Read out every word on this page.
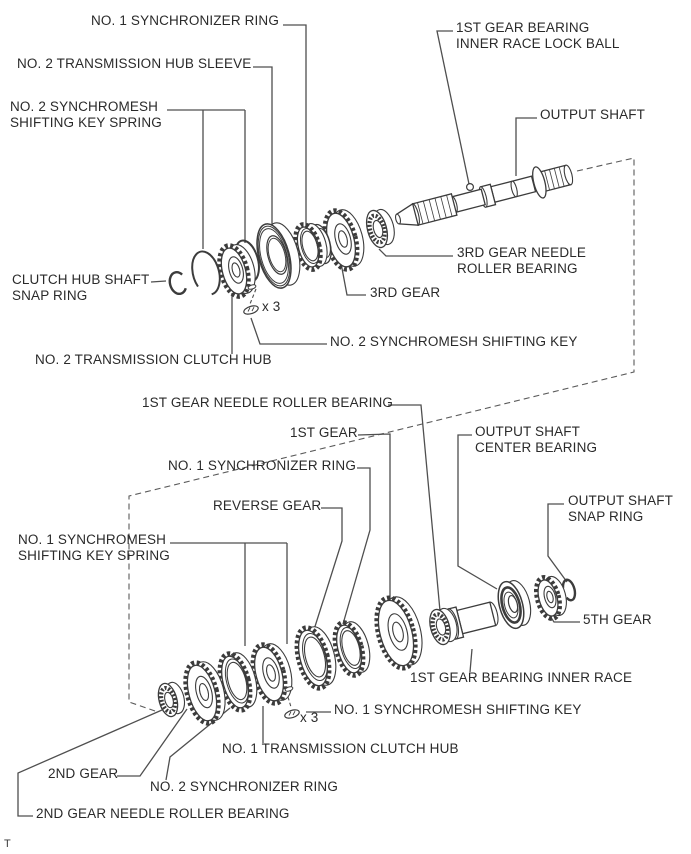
NO. 1 SYNCHRONIZER RING
NO. 2 TRANSMISSION HUB SLEEVE
NO. 2 SYNCHROMESH
SHIFTING KEY SPRING
1ST GEAR BEARING
INNER RACE LOCK BALL
OUTPUT SHAFT
CLUTCH HUB SHAFT
SNAP RING
NO. 2 TRANSMISSION CLUTCH HUB
x 3
NO. 2 SYNCHROMESH SHIFTING KEY
3RD GEAR
3RD GEAR NEEDLE
ROLLER BEARING
1ST GEAR NEEDLE ROLLER BEARING
1ST GEAR
NO. 1 SYNCHRONIZER RING
REVERSE GEAR
NO. 1 SYNCHROMESH
SHIFTING KEY SPRING
OUTPUT SHAFT
CENTER BEARING
OUTPUT SHAFT
SNAP RING
5TH GEAR
1ST GEAR BEARING INNER RACE
NO. 1 SYNCHROMESH SHIFTING KEY
x 3
NO. 1 TRANSMISSION CLUTCH HUB
2ND GEAR
NO. 2 SYNCHRONIZER RING
2ND GEAR NEEDLE ROLLER BEARING
T
